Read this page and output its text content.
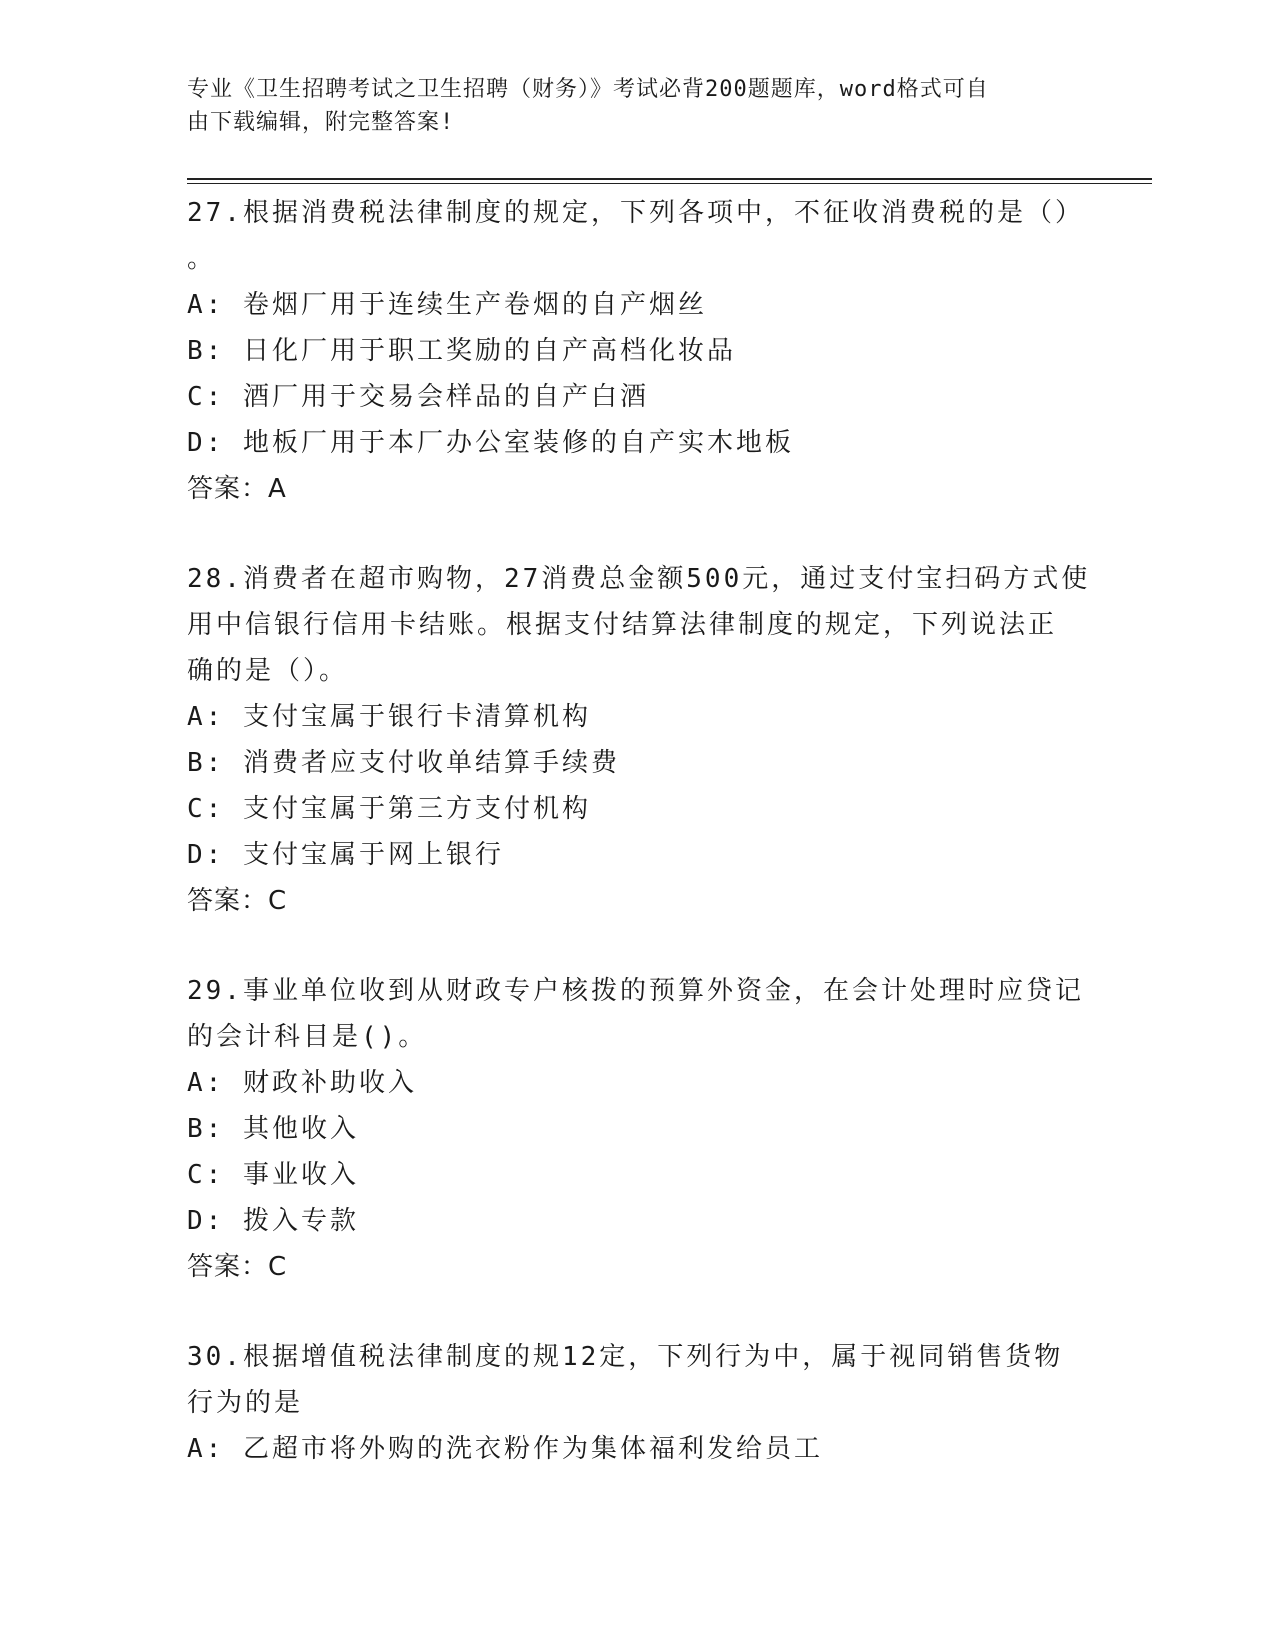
专业《卫生招聘考试之卫生招聘（财务）》考试必背200题题库，word格式可自
由下载编辑，附完整答案!
27.根据消费税法律制度的规定，下列各项中，不征收消费税的是（）
。
A: 卷烟厂用于连续生产卷烟的自产烟丝
B: 日化厂用于职工奖励的自产高档化妆品
C: 酒厂用于交易会样品的自产白酒
D: 地板厂用于本厂办公室装修的自产实木地板
答案：A
28.消费者在超市购物，27消费总金额500元，通过支付宝扫码方式使
用中信银行信用卡结账。根据支付结算法律制度的规定，下列说法正
确的是（）。
A: 支付宝属于银行卡清算机构
B: 消费者应支付收单结算手续费
C: 支付宝属于第三方支付机构
D: 支付宝属于网上银行
答案：C
29.事业单位收到从财政专户核拨的预算外资金，在会计处理时应贷记
的会计科目是()。
A: 财政补助收入
B: 其他收入
C: 事业收入
D: 拨入专款
答案：C
30.根据增值税法律制度的规12定，下列行为中，属于视同销售货物
行为的是
A: 乙超市将外购的洗衣粉作为集体福利发给员工
